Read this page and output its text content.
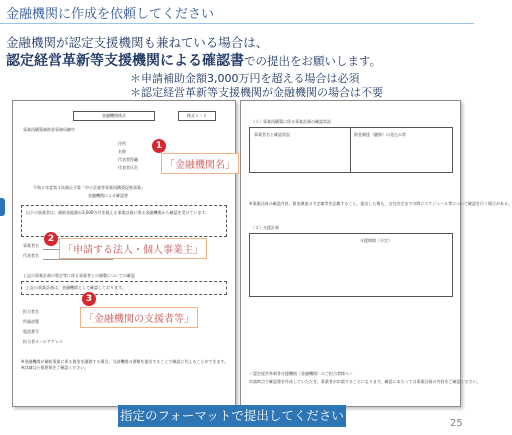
金融機関に作成を依頼してください
金融機関が認定支援機関も兼ねている場合は、
認定経営革新等支援機関による確認書での提出をお願いします。
＊申請補助金額3,000万円を超える場合は必須
＊認定経営革新等支援機関が金融機関の場合は不要
金融機関様式	様式１－２
事業再構築補助金事務局御中
住所
名称
代表者役職
代表者氏名
令和２年度第３次補正予算「中小企業等事業再構築促進事業」
金融機関による確認書
以下の事業者は、補助金総額が3,000万円を超える事業計画に係る金融機関から確認を受けています。
事業者名
代表者名
上記の事業計画の策定等に係る事業者との調整についての確認
上記の事業計画は、金融機関として確認しております。
担当者名
所属部署
電話番号
担当者メールアドレス
※金融機関が補助事業に係る資金を融資する場合、当該機関の書類を提出することで確認に代えることができます。
※詳細は公募要領をご確認ください。
1
「金融機関名」
2
「申請する法人・個人事業主」
3
「金融機関の支援者等」
（１）事業再構築に係る事業計画の確認状況
事業者名と確認状況	資金調達（融資）の見込み等
※事業計画の確認内容、資金調達の予定額等を記載すること。提出した後も、交付決定までの間にスケジュール等について確認を行う場合がある。
（２）支援計画
支援期間（予定）
＜認定経営革新等支援機関（金融機関）のご担当者様へ＞
申請時点で確認書を作成していただき、事業者が申請することになります。確認にあたっては事業計画の内容をご確認ください。
指定のフォーマットで提出してください
25
